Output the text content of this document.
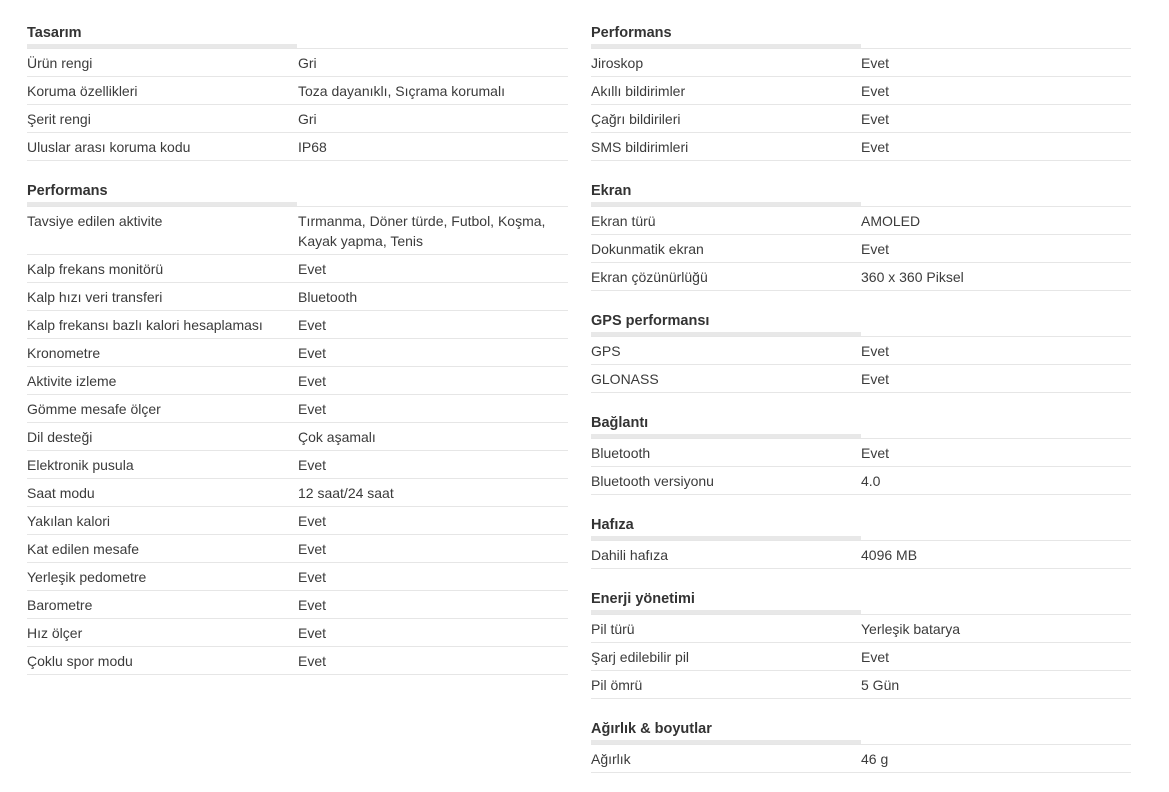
Tasarım
Ürün rengi	Gri
Koruma özellikleri	Toza dayanıklı, Sıçrama korumalı
Şerit rengi	Gri
Uluslar arası koruma kodu	IP68
Performans
Tavsiye edilen aktivite	Tırmanma, Döner türde, Futbol, Koşma, Kayak yapma, Tenis
Kalp frekans monitörü	Evet
Kalp hızı veri transferi	Bluetooth
Kalp frekansı bazlı kalori hesaplaması	Evet
Kronometre	Evet
Aktivite izleme	Evet
Gömme mesafe ölçer	Evet
Dil desteği	Çok aşamalı
Elektronik pusula	Evet
Saat modu	12 saat/24 saat
Yakılan kalori	Evet
Kat edilen mesafe	Evet
Yerleşik pedometre	Evet
Barometre	Evet
Hız ölçer	Evet
Çoklu spor modu	Evet
Performans
Jiroskop	Evet
Akıllı bildirimler	Evet
Çağrı bildirileri	Evet
SMS bildirimleri	Evet
Ekran
Ekran türü	AMOLED
Dokunmatik ekran	Evet
Ekran çözünürlüğü	360 x 360 Piksel
GPS performansı
GPS	Evet
GLONASS	Evet
Bağlantı
Bluetooth	Evet
Bluetooth versiyonu	4.0
Hafıza
Dahili hafıza	4096 MB
Enerji yönetimi
Pil türü	Yerleşik batarya
Şarj edilebilir pil	Evet
Pil ömrü	5 Gün
Ağırlık & boyutlar
Ağırlık	46 g
